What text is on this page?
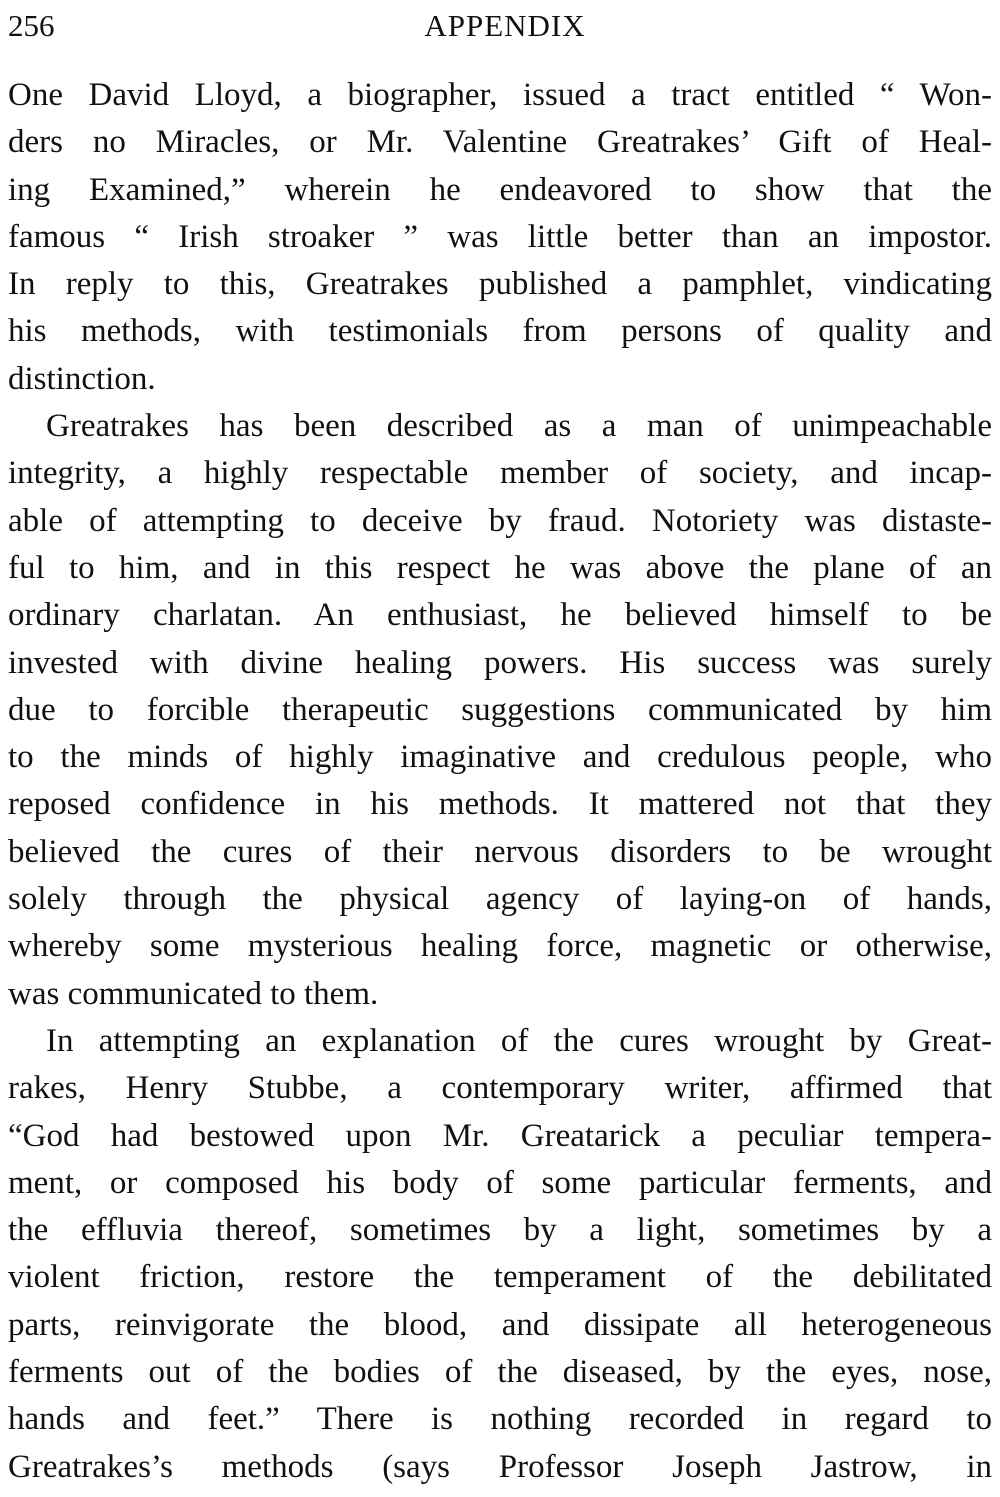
256	APPENDIX

One David Lloyd, a biographer, issued a tract entitled “ Won-
ders no Miracles, or Mr. Valentine Greatrakes’ Gift of Heal-
ing Examined,” wherein he endeavored to show that the
famous “ Irish stroaker ” was little better than an impostor.
In reply to this, Greatrakes published a pamphlet, vindicating
his methods, with testimonials from persons of quality and
distinction.

Greatrakes has been described as a man of unimpeachable
integrity, a highly respectable member of society, and incap-
able of attempting to deceive by fraud. Notoriety was distaste-
ful to him, and in this respect he was above the plane of an
ordinary charlatan. An enthusiast, he believed himself to be
invested with divine healing powers. His success was surely
due to forcible therapeutic suggestions communicated by him
to the minds of highly imaginative and credulous people, who
reposed confidence in his methods. It mattered not that they
believed the cures of their nervous disorders to be wrought
solely through the physical agency of laying-on of hands,
whereby some mysterious healing force, magnetic or otherwise,
was communicated to them.

In attempting an explanation of the cures wrought by Great-
rakes, Henry Stubbe, a contemporary writer, affirmed that
“God had bestowed upon Mr. Greatarick a peculiar tempera-
ment, or composed his body of some particular ferments, and
the effluvia thereof, sometimes by a light, sometimes by a
violent friction, restore the temperament of the debilitated
parts, reinvigorate the blood, and dissipate all heterogeneous
ferments out of the bodies of the diseased, by the eyes, nose,
hands and feet.” There is nothing recorded in regard to
Greatrakes’s methods (says Professor Joseph Jastrow, in
